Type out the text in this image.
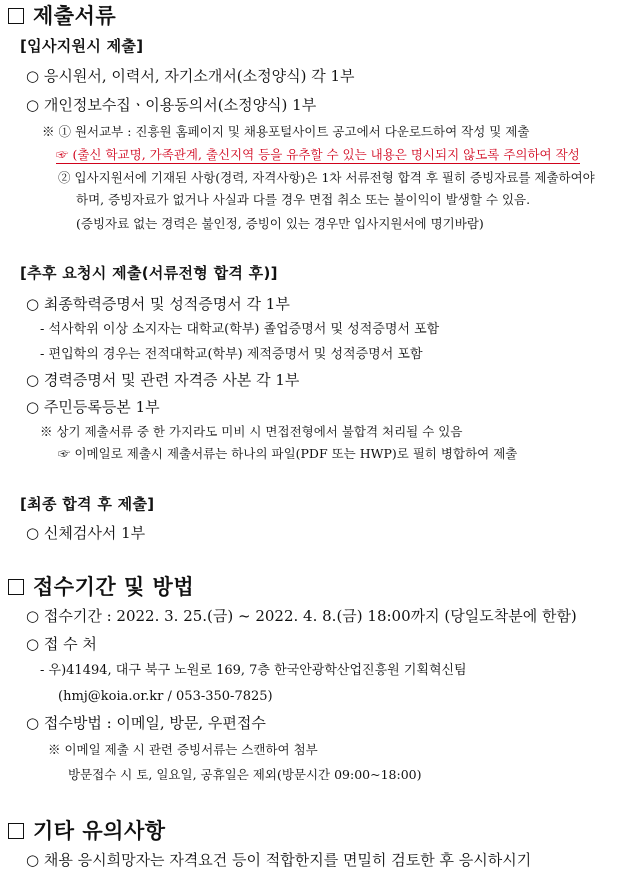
제출서류
[입사지원시 제출]
○ 응시원서, 이력서, 자기소개서(소정양식) 각 1부
○ 개인정보수집ㆍ이용동의서(소정양식) 1부
※ ① 원서교부 : 진흥원 홈페이지 및 채용포털사이트 공고에서 다운로드하여 작성 및 제출
☞ (출신 학교명, 가족관계, 출신지역 등을 유추할 수 있는 내용은 명시되지 않도록 주의하여 작성
② 입사지원서에 기재된 사항(경력, 자격사항)은 1차 서류전형 합격 후 필히 증빙자료를 제출하여야
하며, 증빙자료가 없거나 사실과 다를 경우 면접 취소 또는 불이익이 발생할 수 있음.
(증빙자료 없는 경력은 불인정, 증빙이 있는 경우만 입사지원서에 명기바람)
[추후 요청시 제출(서류전형 합격 후)]
○ 최종학력증명서 및 성적증명서 각 1부
- 석사학위 이상 소지자는 대학교(학부) 졸업증명서 및 성적증명서 포함
- 편입학의 경우는 전적대학교(학부) 제적증명서 및 성적증명서 포함
○ 경력증명서 및 관련 자격증 사본 각 1부
○ 주민등록등본 1부
※ 상기 제출서류 중 한 가지라도 미비 시 면접전형에서 불합격 처리될 수 있음
☞ 이메일로 제출시 제출서류는 하나의 파일(PDF 또는 HWP)로 필히 병합하여 제출
[최종 합격 후 제출]
○ 신체검사서 1부
접수기간 및 방법
○ 접수기간 : 2022. 3. 25.(금) ~ 2022. 4. 8.(금) 18:00까지 (당일도착분에 한함)
○ 접 수 처
- 우)41494, 대구 북구 노원로 169, 7층 한국안광학산업진흥원 기획혁신팀
(hmj@koia.or.kr / 053-350-7825)
○ 접수방법 : 이메일, 방문, 우편접수
※ 이메일 제출 시 관련 증빙서류는 스캔하여 첨부
방문접수 시 토, 일요일, 공휴일은 제외(방문시간 09:00~18:00)
기타 유의사항
○ 채용 응시희망자는 자격요건 등이 적합한지를 면밀히 검토한 후 응시하시기
